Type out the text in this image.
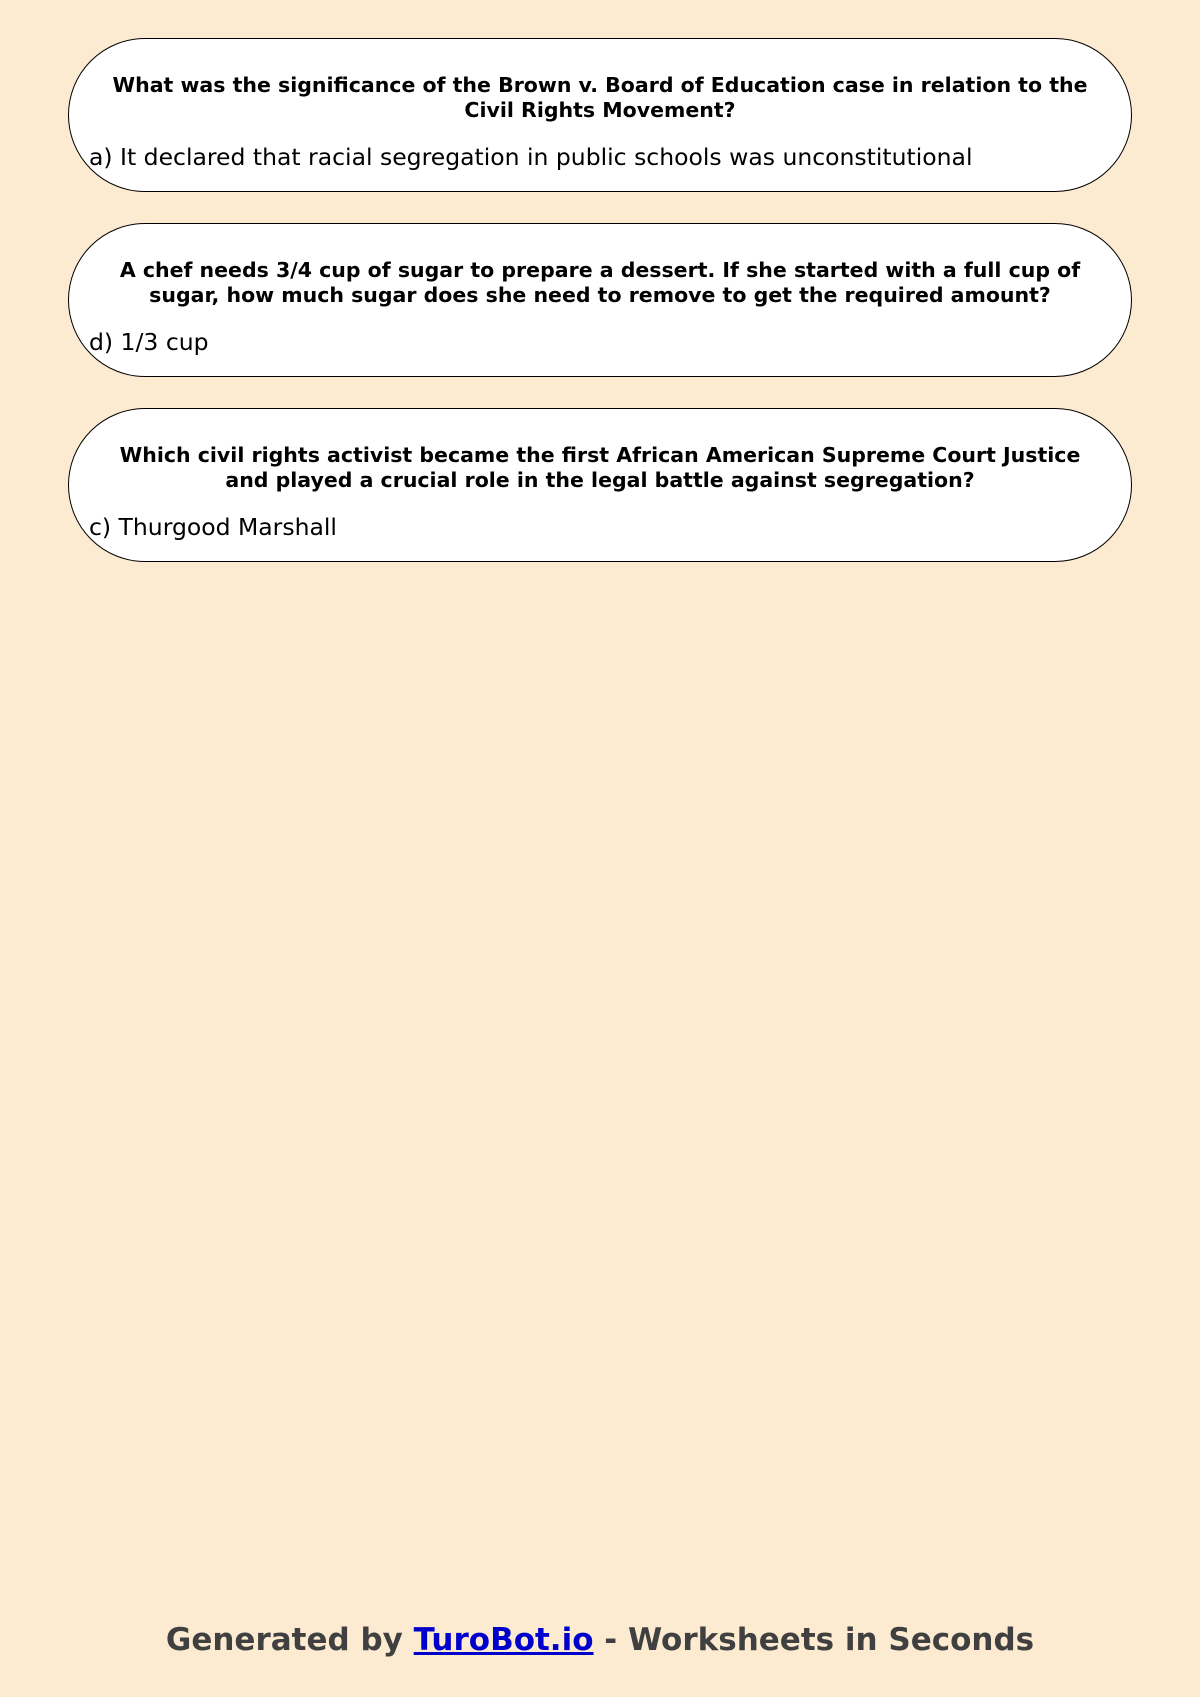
What was the significance of the Brown v. Board of Education case in relation to the Civil Rights Movement?
a) It declared that racial segregation in public schools was unconstitutional
A chef needs 3/4 cup of sugar to prepare a dessert. If she started with a full cup of sugar, how much sugar does she need to remove to get the required amount?
d) 1/3 cup
Which civil rights activist became the first African American Supreme Court Justice and played a crucial role in the legal battle against segregation?
c) Thurgood Marshall
Generated by TuroBot.io - Worksheets in Seconds
